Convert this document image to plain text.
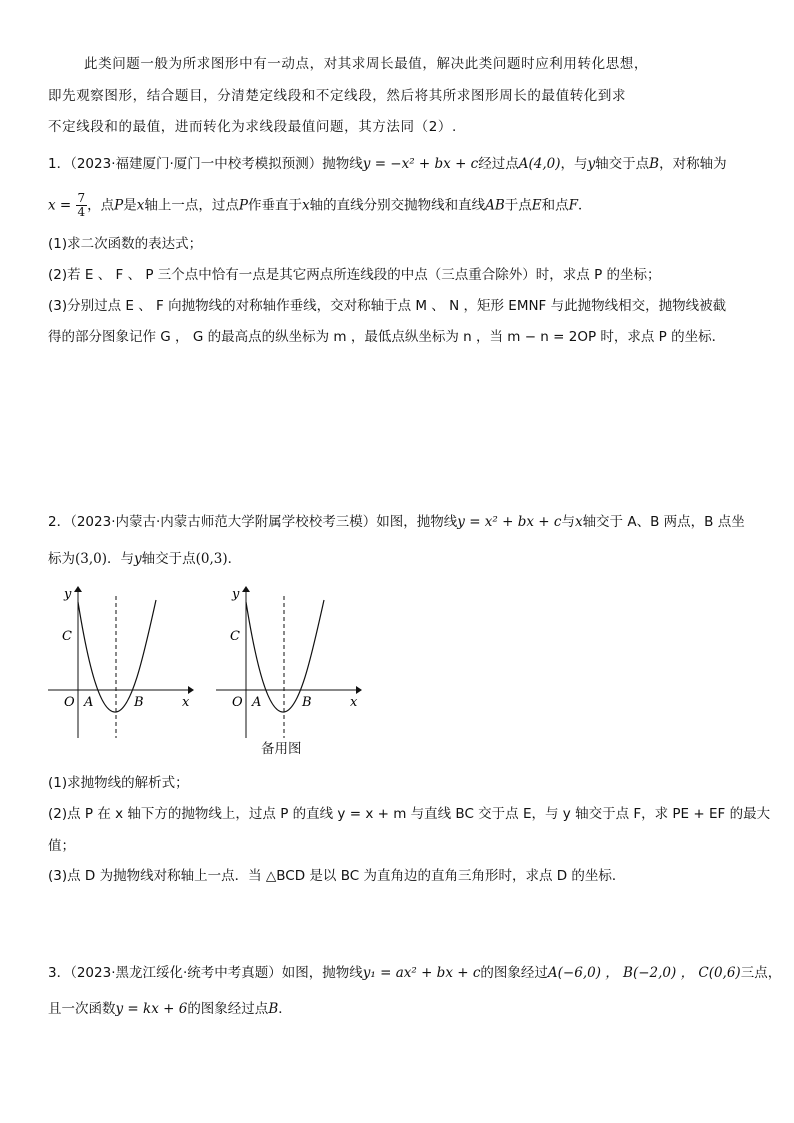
此类问题一般为所求图形中有一动点，对其求周长最值，解决此类问题时应利用转化思想，
即先观察图形，结合题目，分清楚定线段和不定线段，然后将其所求图形周长的最值转化到求
不定线段和的最值，进而转化为求线段最值问题，其方法同（2）.
1．（2023·福建厦门·厦门一中校考模拟预测）抛物线y = −x² + bx + c经过点A(4,0)，与y轴交于点B，对称轴为
$x = \frac{7}{4}$ ，点P是x轴上一点，过点P作垂直于x轴的直线分别交抛物线和直线AB于点E和点F．
(1)求二次函数的表达式；
(2)若 E 、 F 、 P 三个点中恰有一点是其它两点所连线段的中点（三点重合除外）时，求点 P 的坐标；
(3)分别过点 E 、 F 向抛物线的对称轴作垂线，交对称轴于点 M 、 N ，矩形 EMNF 与此抛物线相交，抛物线被截
得的部分图象记作 G ， G 的最高点的纵坐标为 m ，最低点纵坐标为 n ，当 m − n = 2OP 时，求点 P 的坐标．
2．（2023·内蒙古·内蒙古师范大学附属学校校考三模）如图，抛物线y = x² + bx + c与x轴交于 A、B 两点，B 点坐
标为(3,0)．与y轴交于点(0,3)．
y
x
C
O A	B
y
x
C
O A	B
备用图
(1)求抛物线的解析式；
(2)点 P 在 x 轴下方的抛物线上，过点 P 的直线 y = x + m 与直线 BC 交于点 E，与 y 轴交于点 F，求 PE + EF 的最大
值；
(3)点 D 为抛物线对称轴上一点．当 △BCD 是以 BC 为直角边的直角三角形时，求点 D 的坐标．
3．（2023·黑龙江绥化·统考中考真题）如图，抛物线y₁ = ax² + bx + c的图象经过A(−6,0) ， B(−2,0) ， C(0,6)三点，
且一次函数y = kx + 6的图象经过点B．
